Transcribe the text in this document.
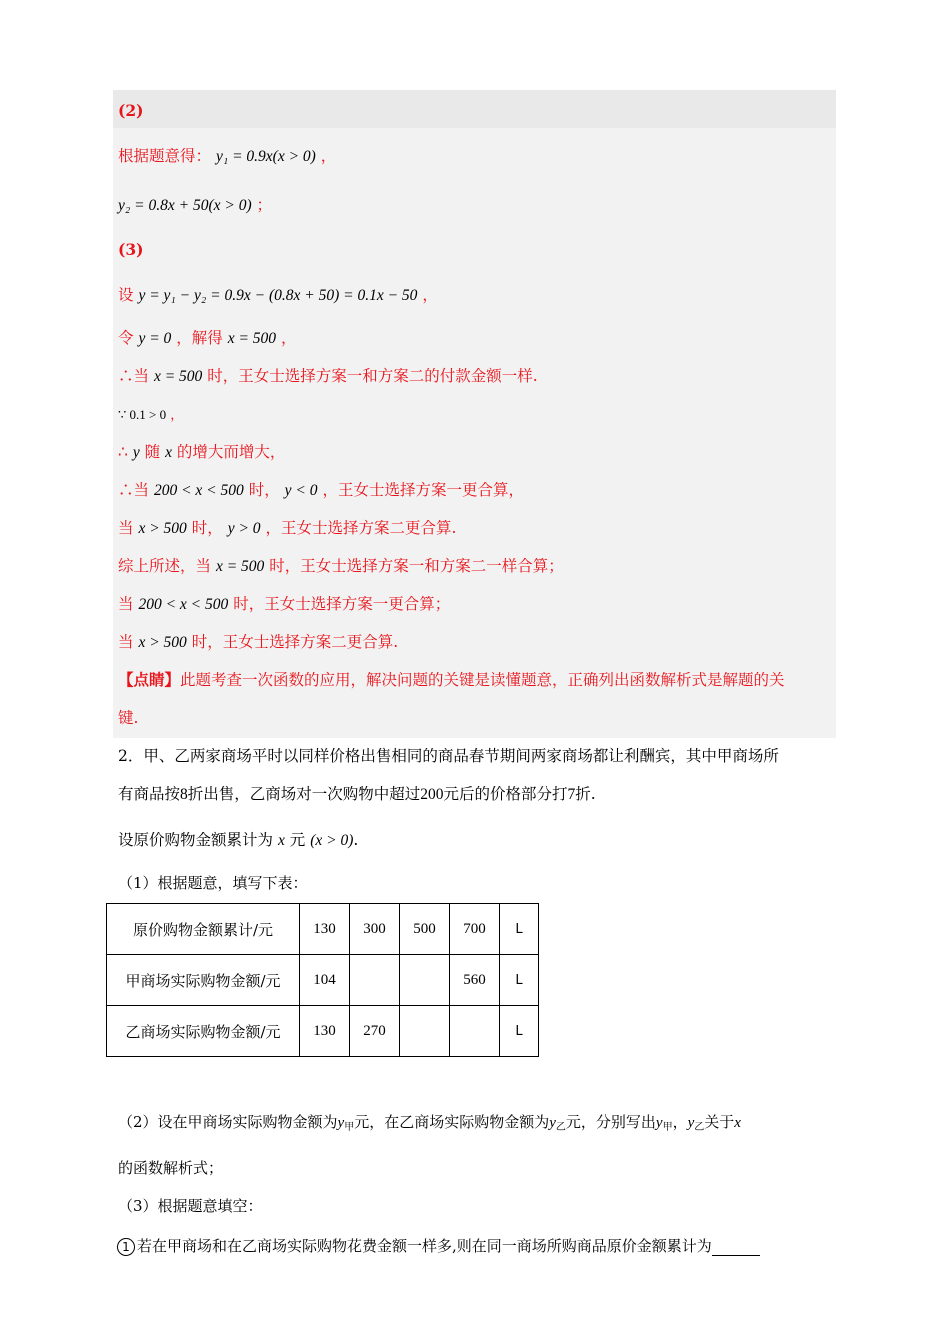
(2)
根据题意得： y₁ = 0.9x(x > 0) ，
y₂ = 0.8x + 50(x > 0) ；
(3)
设 y = y₁ − y₂ = 0.9x − (0.8x + 50) = 0.1x − 50 ，
令 y = 0 ，解得 x = 500 ，
∴当 x = 500 时，王女士选择方案一和方案二的付款金额一样.
∵ 0.1 > 0 ，
∴ y 随 x 的增大而增大，
∴当 200 < x < 500 时， y < 0 ，王女士选择方案一更合算，
当 x > 500 时， y > 0 ，王女士选择方案二更合算.
综上所述，当 x = 500 时，王女士选择方案一和方案二一样合算；
当 200 < x < 500 时，王女士选择方案一更合算；
当 x > 500 时，王女士选择方案二更合算.
【点睛】此题考查一次函数的应用，解决问题的关键是读懂题意，正确列出函数解析式是解题的关
键.
2．甲、乙两家商场平时以同样价格出售相同的商品春节期间两家商场都让利酬宾，其中甲商场所
有商品按8折出售，乙商场对一次购物中超过200元后的价格部分打7折.
设原价购物金额累计为 x 元 (x > 0).
（1）根据题意，填写下表：
原价购物金额累计/元	130	300	500	700	L
甲商场实际购物金额/元	104			560	L
乙商场实际购物金额/元	130	270			L
（2）设在甲商场实际购物金额为$y_甲$元，在乙商场实际购物金额为$y_乙$元，分别写出$y_甲$，$y_乙$关于x
的函数解析式；
（3）根据题意填空：
1 若在甲商场和在乙商场实际购物花费金额一样多,则在同一商场所购商品原价金额累计为
